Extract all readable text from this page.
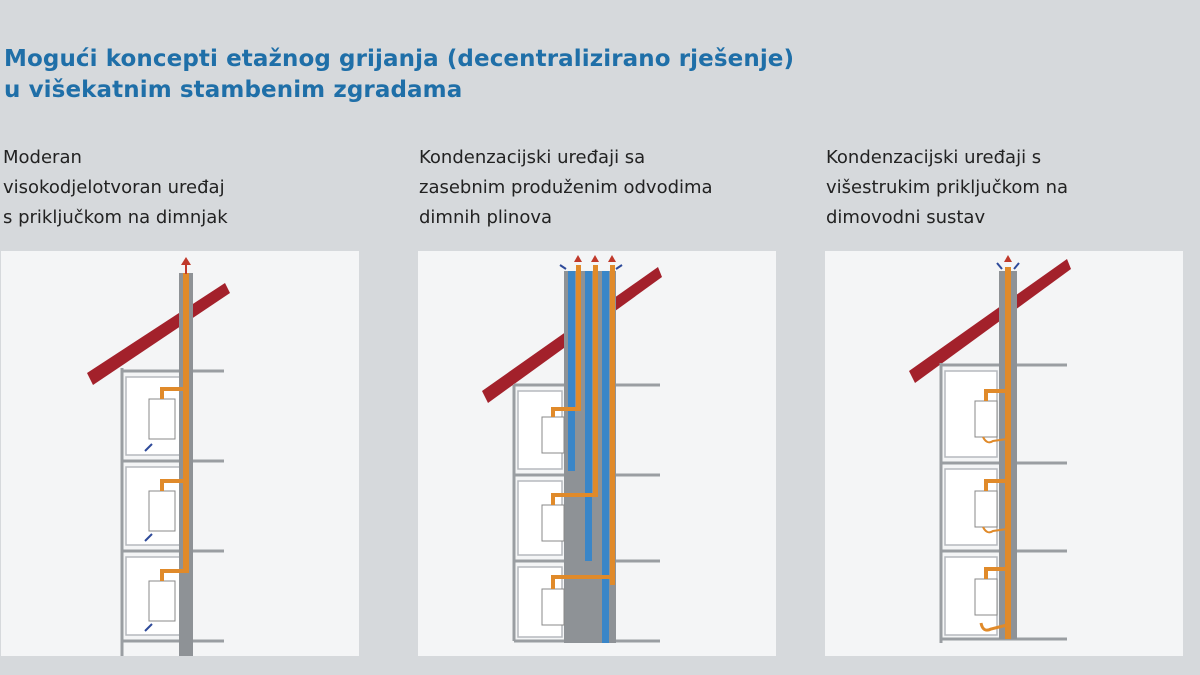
Mogući koncepti etažnog grijanja (decentralizirano rješenje)
u višekatnim stambenim zgradama
Moderan
visokodjelotvoran uređaj
s priključkom na dimnjak
Kondenzacijski uređaji sa
zasebnim produženim odvodima
dimnih plinova
Kondenzacijski uređaji s
višestrukim priključkom na
dimovodni sustav
